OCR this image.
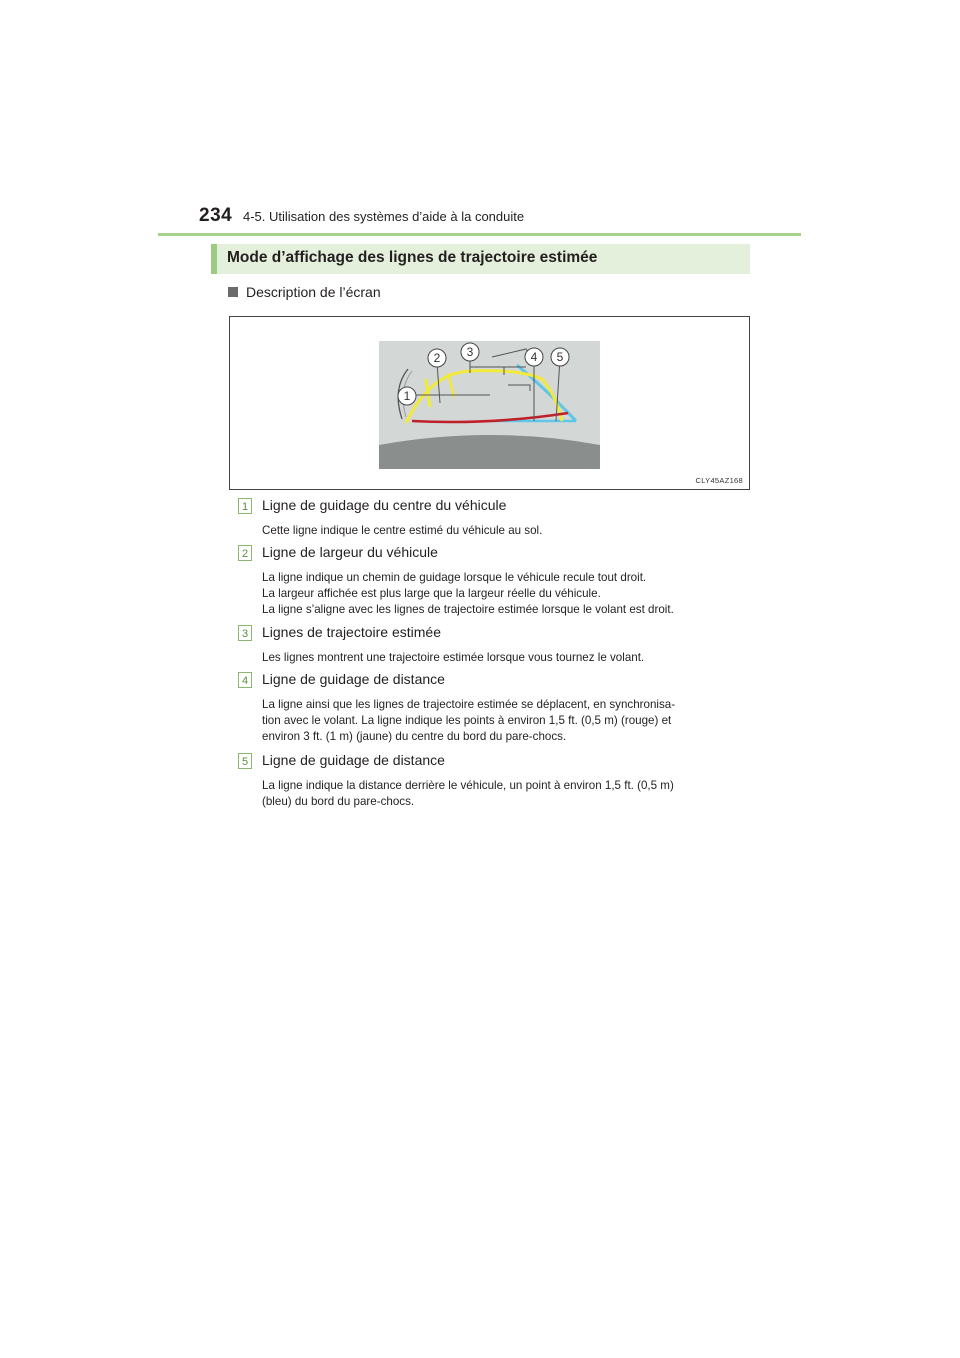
234 4-5. Utilisation des systèmes d’aide à la conduite
Mode d’affichage des lignes de trajectoire estimée
Description de l’écran
1
2 3	4 5
CLY45AZ168
1 Ligne de guidage du centre du véhicule

Cette ligne indique le centre estimé du véhicule au sol.

2 Ligne de largeur du véhicule

La ligne indique un chemin de guidage lorsque le véhicule recule tout droit.
La largeur affichée est plus large que la largeur réelle du véhicule.
La ligne s’aligne avec les lignes de trajectoire estimée lorsque le volant est droit.

3 Lignes de trajectoire estimée

Les lignes montrent une trajectoire estimée lorsque vous tournez le volant.

4 Ligne de guidage de distance

La ligne ainsi que les lignes de trajectoire estimée se déplacent, en synchronisa-
tion avec le volant. La ligne indique les points à environ 1,5 ft. (0,5 m) (rouge) et
environ 3 ft. (1 m) (jaune) du centre du bord du pare-chocs.

5 Ligne de guidage de distance

La ligne indique la distance derrière le véhicule, un point à environ 1,5 ft. (0,5 m)
(bleu) du bord du pare-chocs.
